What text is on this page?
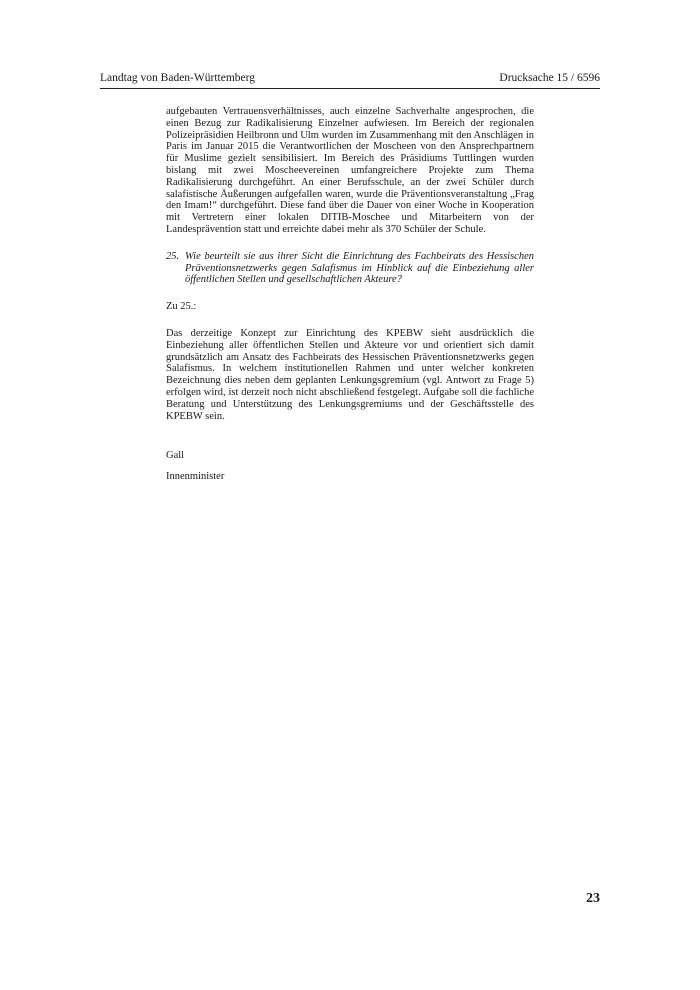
Landtag von Baden-Württemberg	Drucksache 15 / 6596

aufgebauten Vertrauensverhältnisses, auch einzelne Sachverhalte angesprochen, die einen Bezug zur Radikalisierung Einzelner aufwiesen. Im Bereich der regionalen Polizeipräsidien Heilbronn und Ulm wurden im Zusammenhang mit den Anschlägen in Paris im Januar 2015 die Verantwortlichen der Moscheen von den Ansprechpartnern für Muslime gezielt sensibilisiert. Im Bereich des Präsidiums Tuttlingen wurden bislang mit zwei Moscheevereinen umfangreichere Projekte zum Thema Radikalisierung durchgeführt. An einer Berufsschule, an der zwei Schüler durch salafistische Äußerungen aufgefallen waren, wurde die Präventionsveranstaltung „Frag den Imam!“ durchgeführt. Diese fand über die Dauer von einer Woche in Kooperation mit Vertretern einer lokalen DITIB-Moschee und Mitarbeitern von der Landesprävention statt und erreichte dabei mehr als 370 Schüler der Schule.

25. Wie beurteilt sie aus ihrer Sicht die Einrichtung des Fachbeirats des Hessischen Präventionsnetzwerks gegen Salafismus im Hinblick auf die Einbeziehung aller öffentlichen Stellen und gesellschaftlichen Akteure?

Zu 25.:

Das derzeitige Konzept zur Einrichtung des KPEBW sieht ausdrücklich die Einbeziehung aller öffentlichen Stellen und Akteure vor und orientiert sich damit grundsätzlich am Ansatz des Fachbeirats des Hessischen Präventionsnetzwerks gegen Salafismus. In welchem institutionellen Rahmen und unter welcher konkreten Bezeichnung dies neben dem geplanten Lenkungsgremium (vgl. Antwort zu Frage 5) erfolgen wird, ist derzeit noch nicht abschließend festgelegt. Aufgabe soll die fachliche Beratung und Unterstützung des Lenkungsgremiums und der Geschäftsstelle des KPEBW sein.

Gall

Innenminister

23
